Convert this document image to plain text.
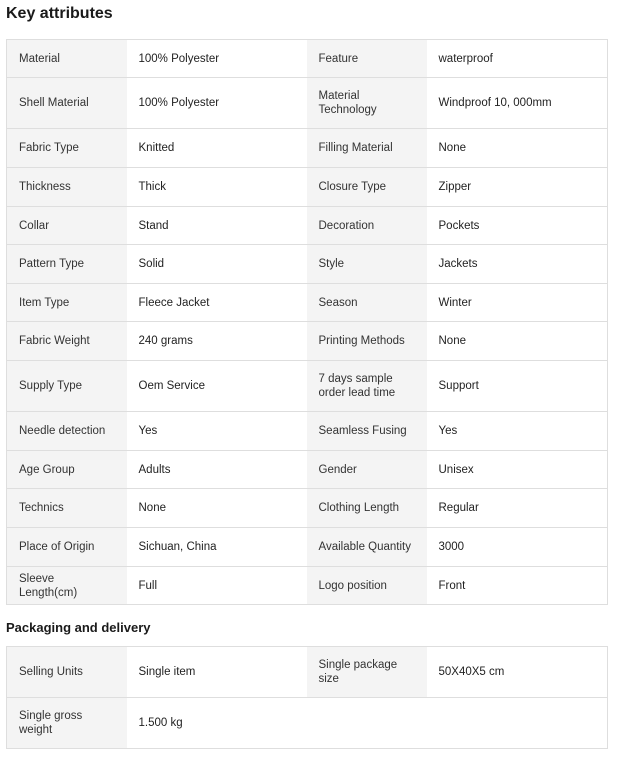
Key attributes
Material	100% Polyester	Feature	waterproof
Shell Material	100% Polyester	Material Technology	Windproof 10, 000mm
Fabric Type	Knitted	Filling Material	None
Thickness	Thick	Closure Type	Zipper
Collar	Stand	Decoration	Pockets
Pattern Type	Solid	Style	Jackets
Item Type	Fleece Jacket	Season	Winter
Fabric Weight	240 grams	Printing Methods	None
Supply Type	Oem Service	7 days sample order lead time	Support
Needle detection	Yes	Seamless Fusing	Yes
Age Group	Adults	Gender	Unisex
Technics	None	Clothing Length	Regular
Place of Origin	Sichuan, China	Available Quantity	3000
Sleeve Length(cm)	Full	Logo position	Front
Packaging and delivery
Selling Units	Single item	Single package size	50X40X5 cm
Single gross weight	1.500 kg		
